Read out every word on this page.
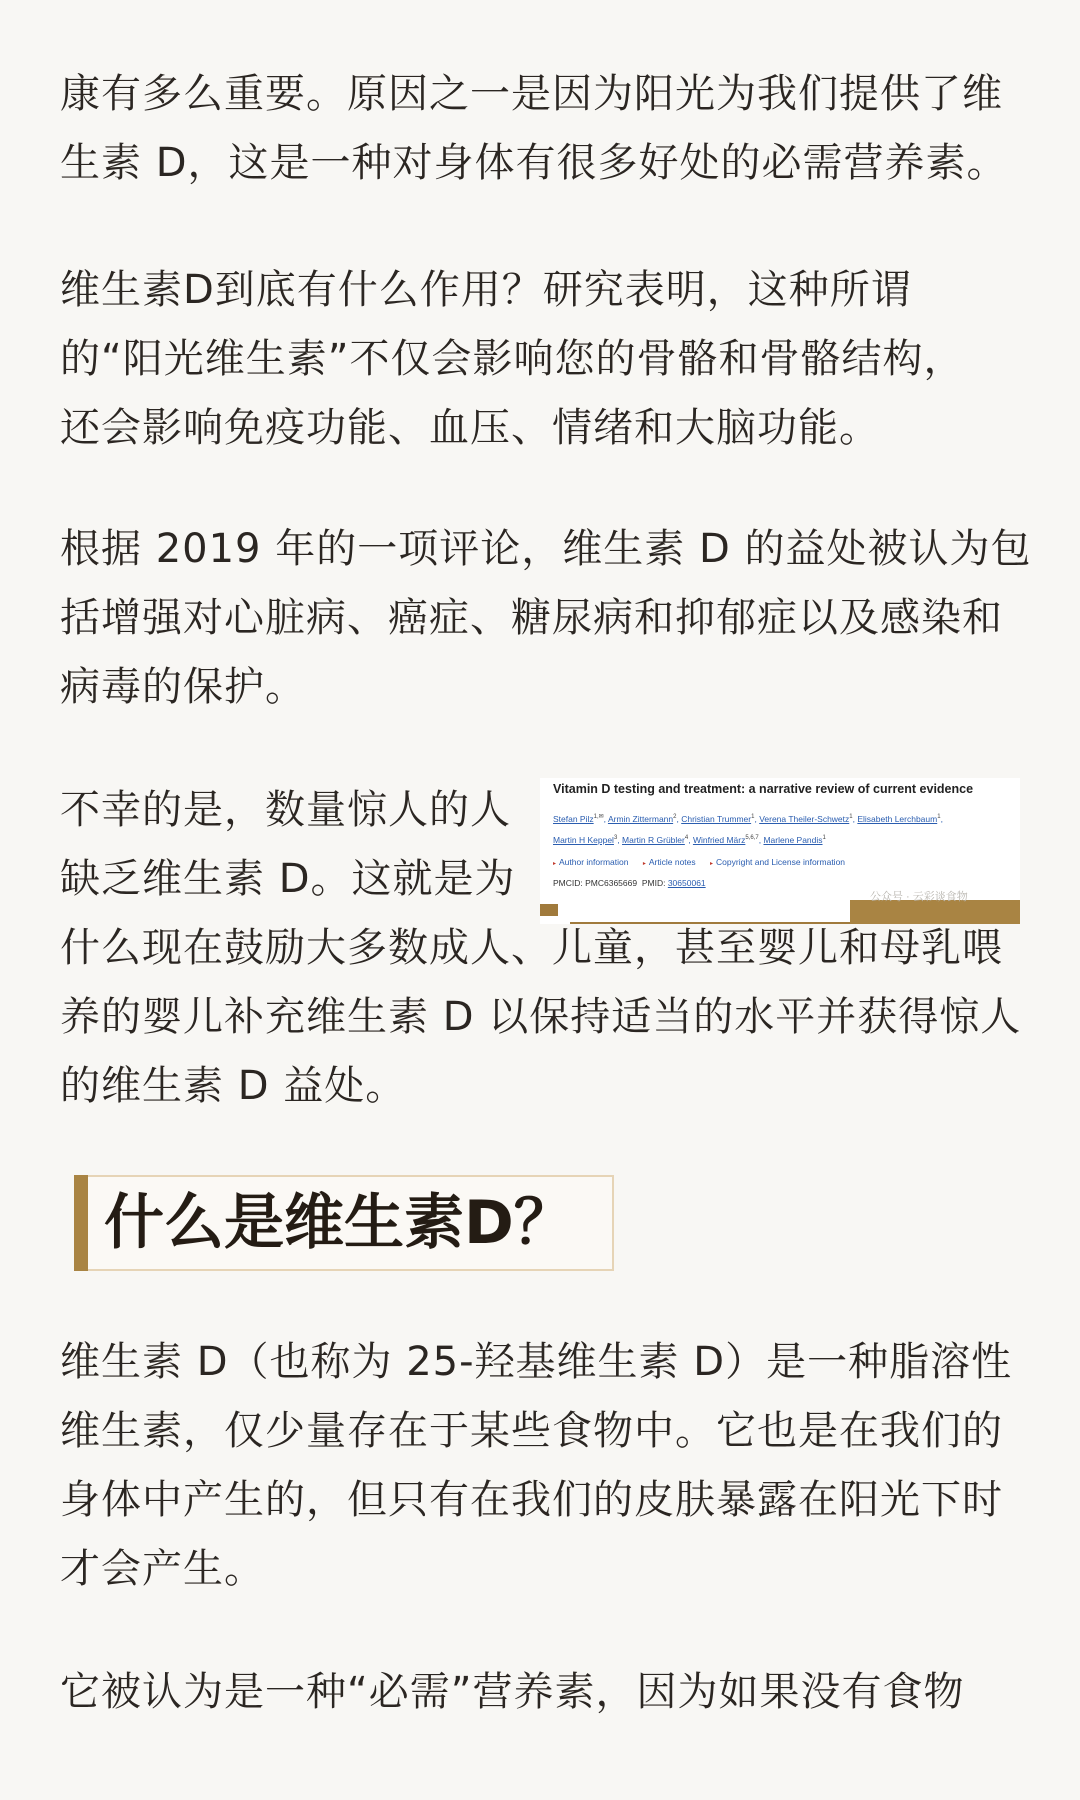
康有多么重要。原因之一是因为阳光为我们提供了维
生素 D，这是一种对身体有很多好处的必需营养素。

维生素D到底有什么作用？研究表明，这种所谓
的“阳光维生素”不仅会影响您的骨骼和骨骼结构，
还会影响免疫功能、血压、情绪和大脑功能。

根据 2019 年的一项评论，维生素 D 的益处被认为包
括增强对心脏病、癌症、糖尿病和抑郁症以及感染和
病毒的保护。

不幸的是，数量惊人的人
缺乏维生素 D。这就是为
什么现在鼓励大多数成人、儿童，甚至婴儿和母乳喂
养的婴儿补充维生素 D 以保持适当的水平并获得惊人
的维生素 D 益处。

Vitamin D testing and treatment: a narrative review of current evidence
Stefan Pilz$^{1,✉}$, Armin Zittermann$^2$, Christian Trummer$^1$, Verena Theiler-Schwetz$^1$, Elisabeth Lerchbaum$^1$,
Martin H Keppel$^3$, Martin R Grübler$^4$, Winfried März$^{5,6,7}$, Marlene Pandis$^1$
▸ Author information ▸ Article notes ▸ Copyright and License information
PMCID: PMC6365669 PMID: 30650061
公众号 · 云彩谈食物
什么是维生素D？

维生素 D（也称为 25-羟基维生素 D）是一种脂溶性
维生素，仅少量存在于某些食物中。它也是在我们的
身体中产生的，但只有在我们的皮肤暴露在阳光下时
才会产生。

它被认为是一种“必需”营养素，因为如果没有食物
